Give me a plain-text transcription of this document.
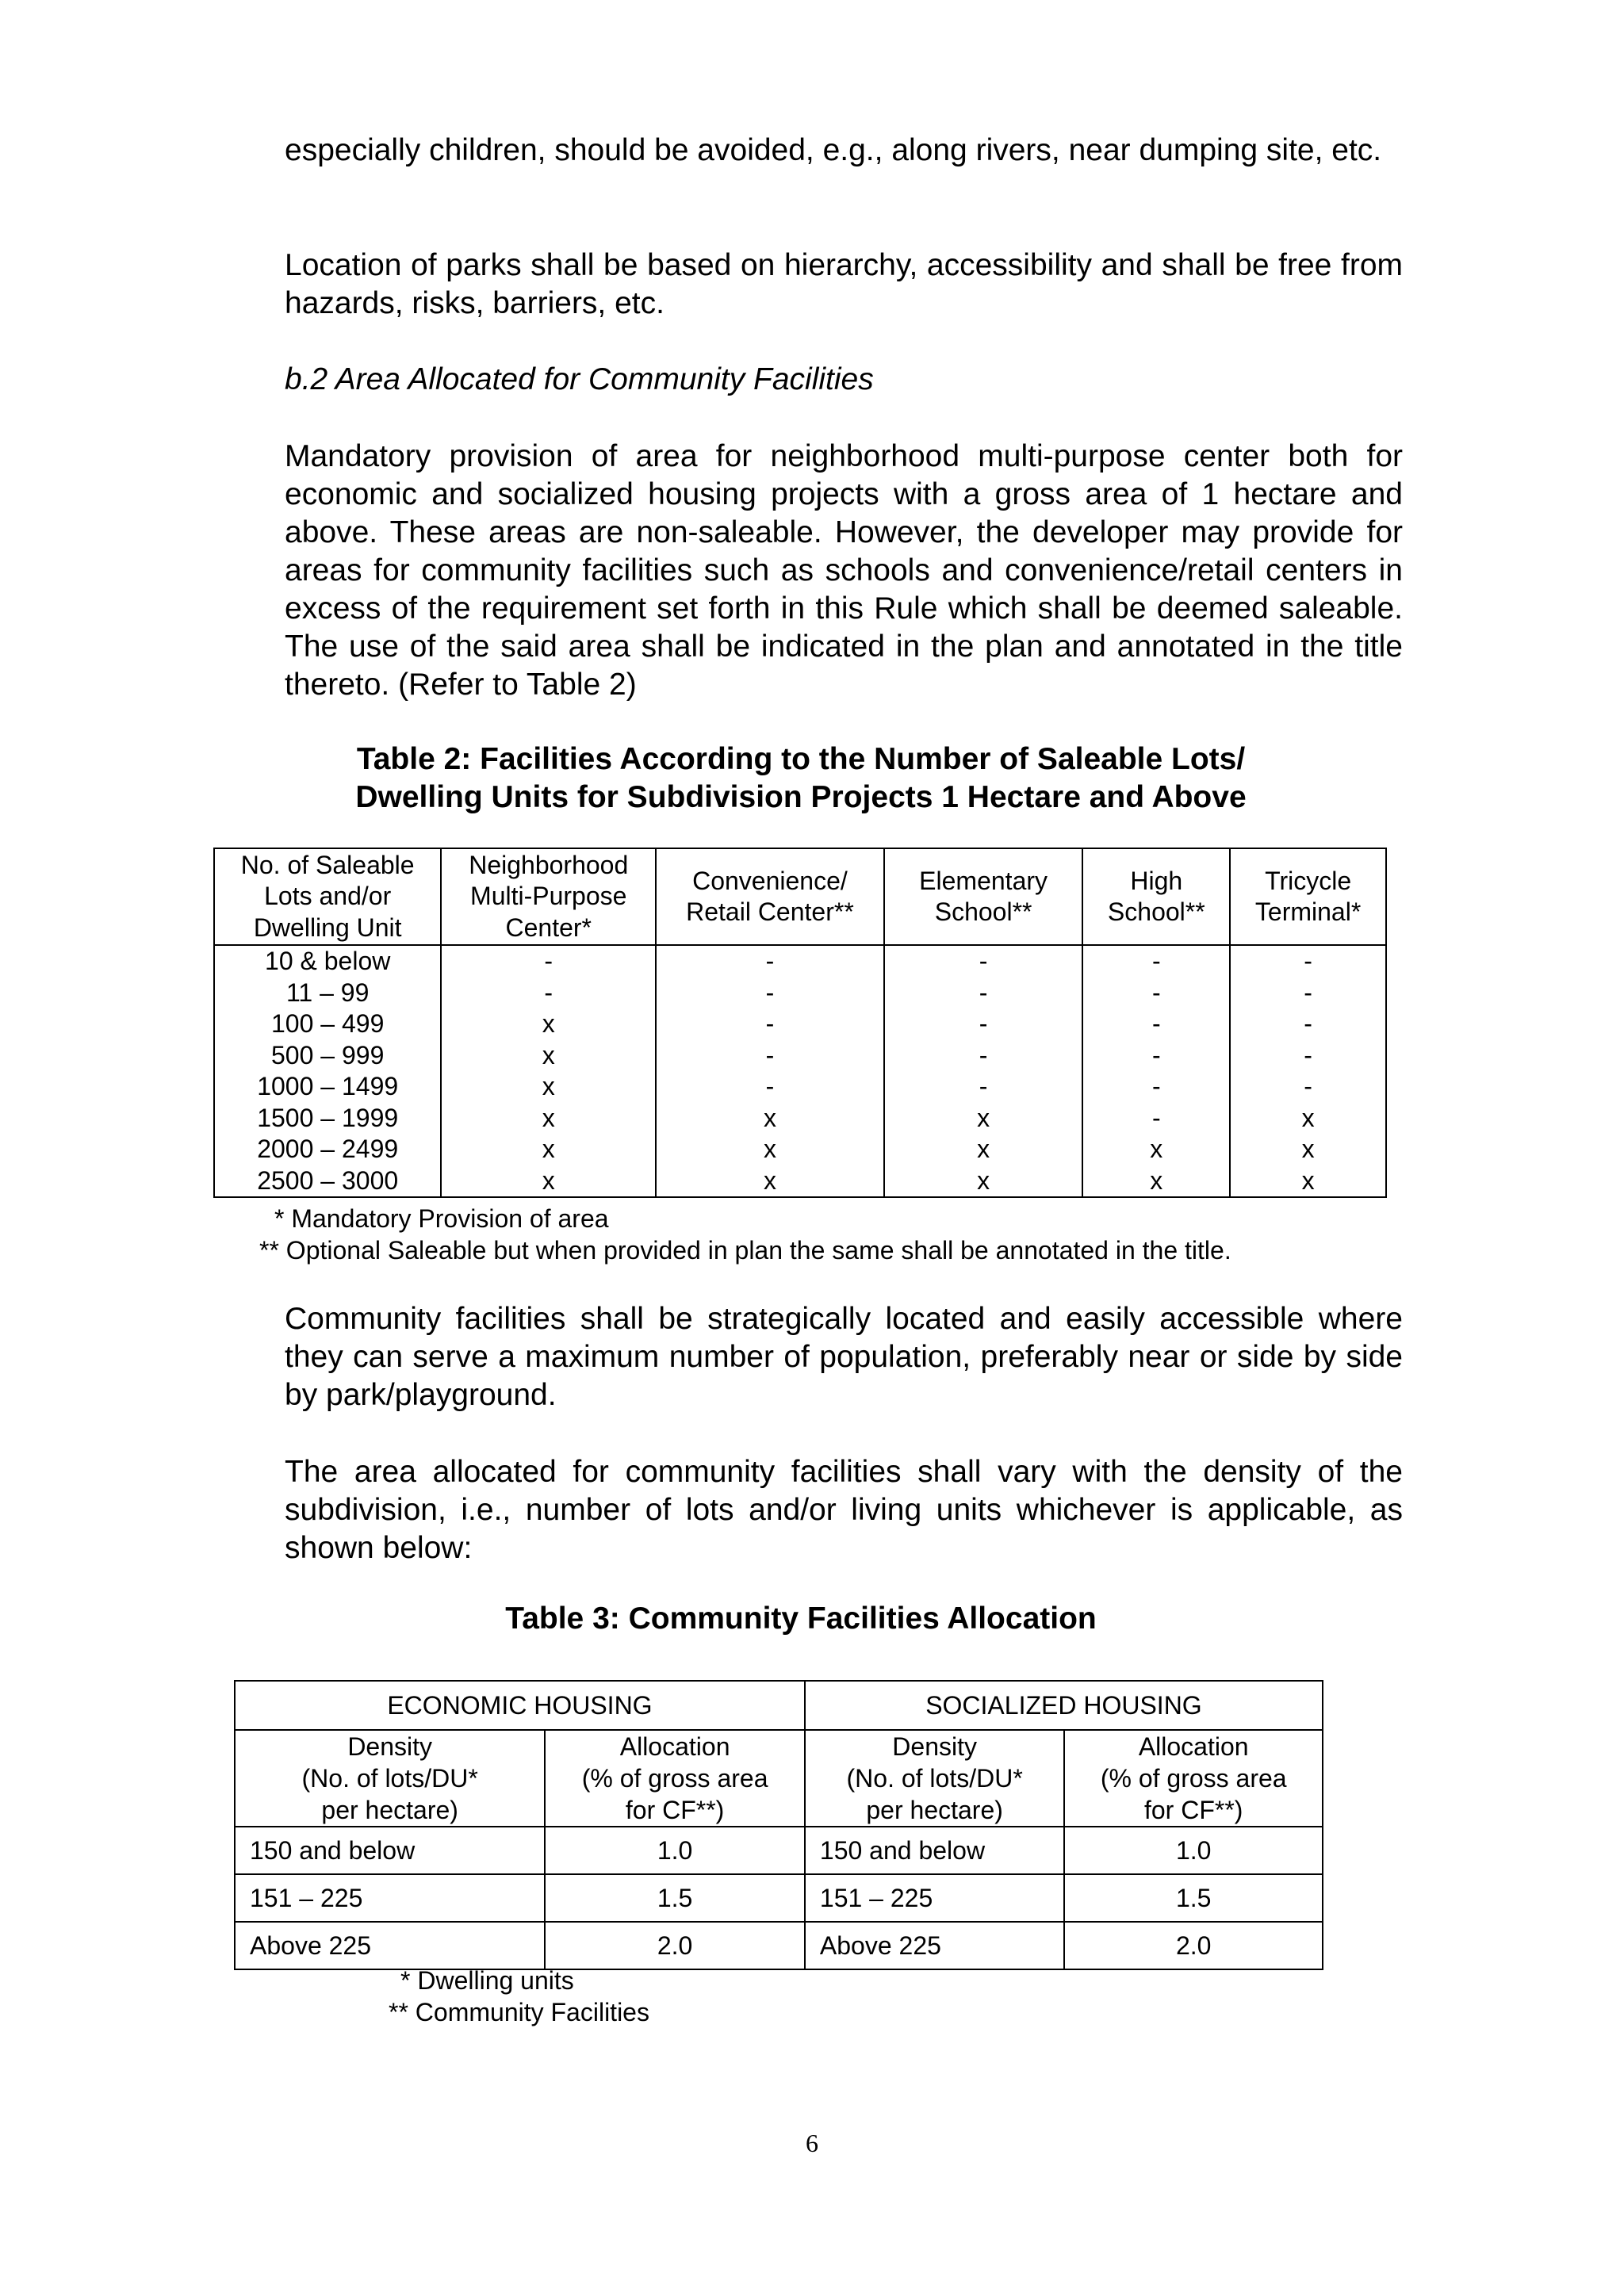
especially children, should be avoided, e.g., along rivers, near dumping site, etc.

Location of parks shall be based on hierarchy, accessibility and shall be free from hazards, risks, barriers, etc.

b.2 Area Allocated for Community Facilities

Mandatory provision of area for neighborhood multi-purpose center both for economic and socialized housing projects with a gross area of 1 hectare and above. These areas are non-saleable. However, the developer may provide for areas for community facilities such as schools and convenience/retail centers in excess of the requirement set forth in this Rule which shall be deemed saleable. The use of the said area shall be indicated in the plan and annotated in the title thereto. (Refer to Table 2)

Community facilities shall be strategically located and easily accessible where they can serve a maximum number of population, preferably near or side by side by park/playground.

The area allocated for community facilities shall vary with the density of the subdivision, i.e., number of lots and/or living units whichever is applicable, as shown below:

Table 2: Facilities According to the Number of Saleable Lots/
Dwelling Units for Subdivision Projects 1 Hectare and Above

No. of Saleable
Lots and/or
Dwelling Unit	Neighborhood
Multi-Purpose
Center*	Convenience/
Retail Center**	Elementary
School**	High
School**	Tricycle
Terminal*
10 & below	-	-	-	-	-
11 – 99	-	-	-	-	-
100 – 499	x	-	-	-	-
500 – 999	x	-	-	-	-
1000 – 1499	x	-	-	-	-
1500 – 1999	x	x	x	-	x
2000 – 2499	x	x	x	x	x
2500 – 3000	x	x	x	x	x

* Mandatory Provision of area

** Optional Saleable but when provided in plan the same shall be annotated in the title.

Table 3: Community Facilities Allocation

ECONOMIC HOUSING		SOCIALIZED HOUSING	
Density
(No. of lots/DU*
per hectare)	Allocation
(% of gross area
for CF**)	Density
(No. of lots/DU*
per hectare)	Allocation
(% of gross area
for CF**)
150 and below	1.0	150 and below	1.0
151 – 225	1.5	151 – 225	1.5
Above 225	2.0	Above 225	2.0

* Dwelling units

** Community Facilities

6
